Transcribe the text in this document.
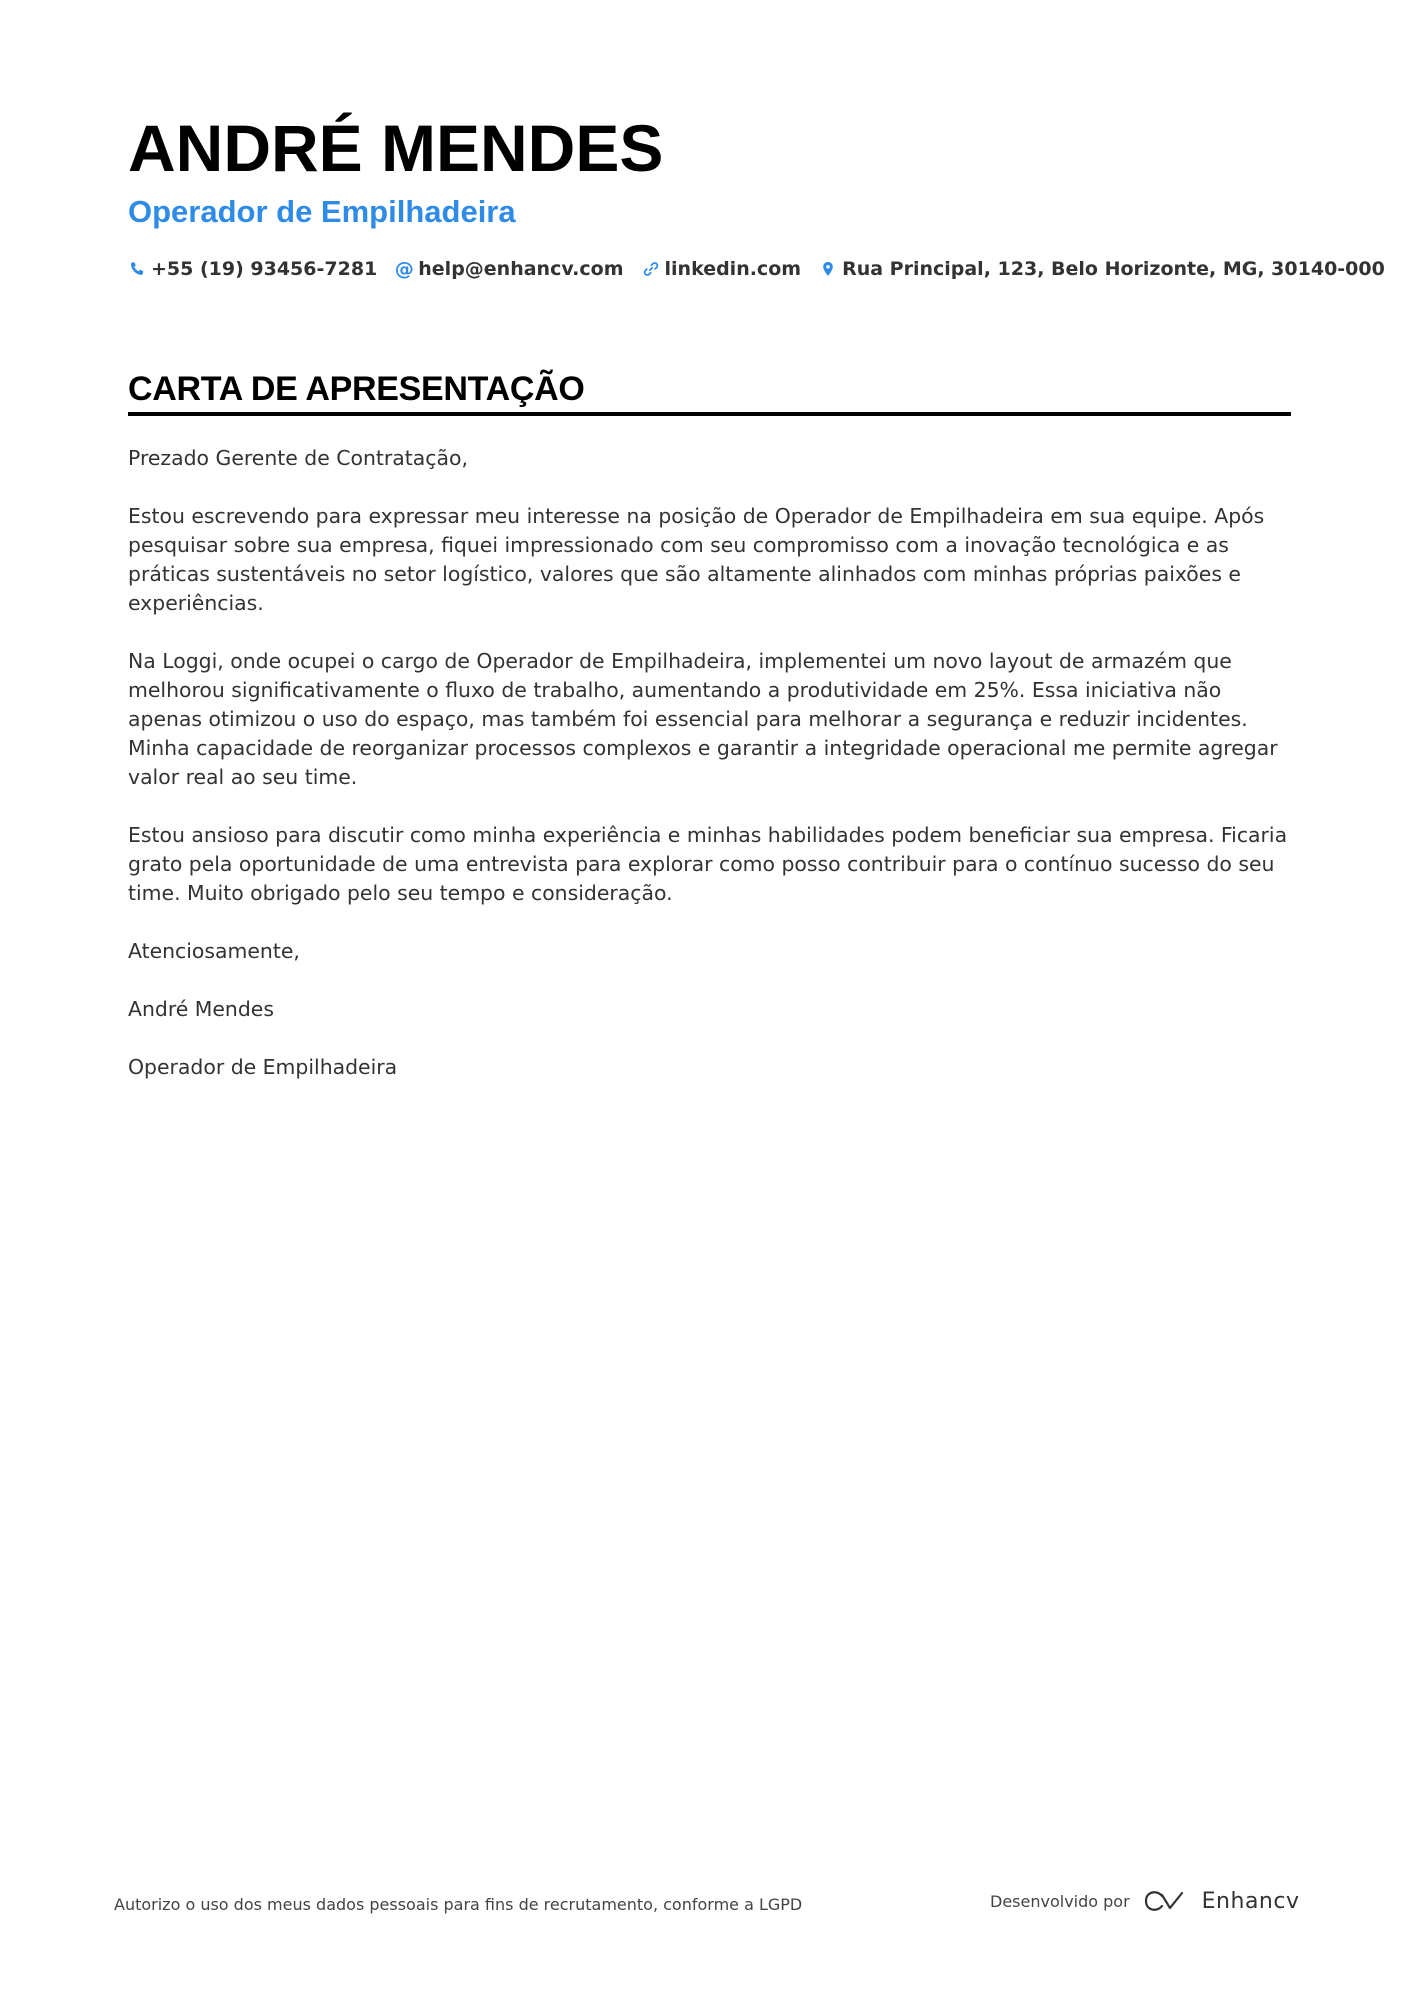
ANDRÉ MENDES
Operador de Empilhadeira
+55 (19) 93456-7281 @ help@enhancv.com linkedin.com Rua Principal, 123, Belo Horizonte, MG, 30140-000
CARTA DE APRESENTAÇÃO

Prezado Gerente de Contratação,

Estou escrevendo para expressar meu interesse na posição de Operador de Empilhadeira em sua equipe. Após pesquisar sobre sua empresa, fiquei impressionado com seu compromisso com a inovação tecnológica e as práticas sustentáveis no setor logístico, valores que são altamente alinhados com minhas próprias paixões e experiências.

Na Loggi, onde ocupei o cargo de Operador de Empilhadeira, implementei um novo layout de armazém que melhorou significativamente o fluxo de trabalho, aumentando a produtividade em 25%. Essa iniciativa não apenas otimizou o uso do espaço, mas também foi essencial para melhorar a segurança e reduzir incidentes. Minha capacidade de reorganizar processos complexos e garantir a integridade operacional me permite agregar valor real ao seu time.

Estou ansioso para discutir como minha experiência e minhas habilidades podem beneficiar sua empresa. Ficaria grato pela oportunidade de uma entrevista para explorar como posso contribuir para o contínuo sucesso do seu time. Muito obrigado pelo seu tempo e consideração.

Atenciosamente,

André Mendes

Operador de Empilhadeira

Autorizo o uso dos meus dados pessoais para fins de recrutamento, conforme a LGPD	Desenvolvido por	Enhancv
